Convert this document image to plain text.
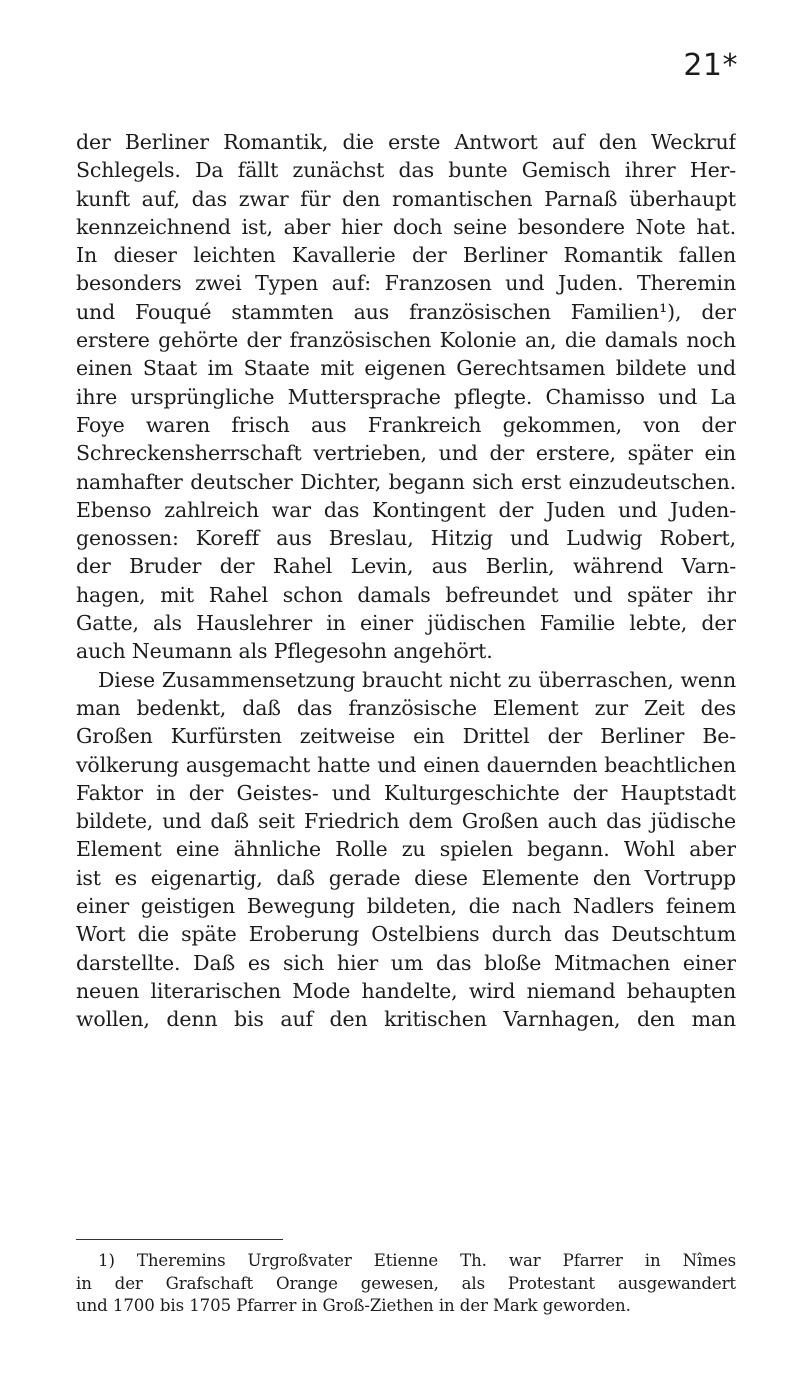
21*
der Berliner Romantik, die erste Antwort auf den Weckruf
Schlegels. Da fällt zunächst das bunte Gemisch ihrer Her-
kunft auf, das zwar für den romantischen Parnaß überhaupt
kennzeichnend ist, aber hier doch seine besondere Note hat.
In dieser leichten Kavallerie der Berliner Romantik fallen
besonders zwei Typen auf: Franzosen und Juden. Theremin
und Fouqué stammten aus französischen Familien¹), der
erstere gehörte der französischen Kolonie an, die damals noch
einen Staat im Staate mit eigenen Gerechtsamen bildete und
ihre ursprüngliche Muttersprache pflegte. Chamisso und La
Foye waren frisch aus Frankreich gekommen, von der
Schreckensherrschaft vertrieben, und der erstere, später ein
namhafter deutscher Dichter, begann sich erst einzudeutschen.
Ebenso zahlreich war das Kontingent der Juden und Juden-
genossen: Koreff aus Breslau, Hitzig und Ludwig Robert,
der Bruder der Rahel Levin, aus Berlin, während Varn-
hagen, mit Rahel schon damals befreundet und später ihr
Gatte, als Hauslehrer in einer jüdischen Familie lebte, der
auch Neumann als Pflegesohn angehört.
Diese Zusammensetzung braucht nicht zu überraschen, wenn
man bedenkt, daß das französische Element zur Zeit des
Großen Kurfürsten zeitweise ein Drittel der Berliner Be-
völkerung ausgemacht hatte und einen dauernden beachtlichen
Faktor in der Geistes- und Kulturgeschichte der Hauptstadt
bildete, und daß seit Friedrich dem Großen auch das jüdische
Element eine ähnliche Rolle zu spielen begann. Wohl aber
ist es eigenartig, daß gerade diese Elemente den Vortrupp
einer geistigen Bewegung bildeten, die nach Nadlers feinem
Wort die späte Eroberung Ostelbiens durch das Deutschtum
darstellte. Daß es sich hier um das bloße Mitmachen einer
neuen literarischen Mode handelte, wird niemand behaupten
wollen, denn bis auf den kritischen Varnhagen, den man
1) Theremins Urgroßvater Etienne Th. war Pfarrer in Nîmes
in der Grafschaft Orange gewesen, als Protestant ausgewandert
und 1700 bis 1705 Pfarrer in Groß-Ziethen in der Mark geworden.
